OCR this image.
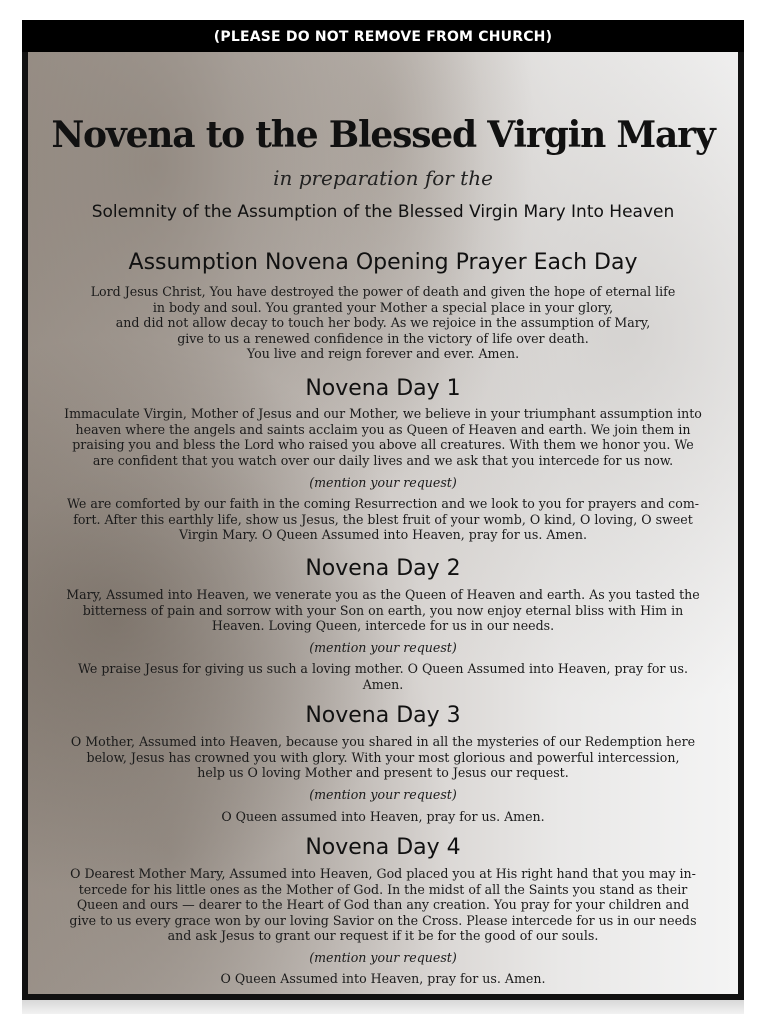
(PLEASE DO NOT REMOVE FROM CHURCH)
Novena to the Blessed Virgin Mary
in preparation for the
Solemnity of the Assumption of the Blessed Virgin Mary Into Heaven
Assumption Novena Opening Prayer Each Day
Lord Jesus Christ, You have destroyed the power of death and given the hope of eternal life
in body and soul. You granted your Mother a special place in your glory,
and did not allow decay to touch her body. As we rejoice in the assumption of Mary,
give to us a renewed confidence in the victory of life over death.
You live and reign forever and ever. Amen.
Novena Day 1
Immaculate Virgin, Mother of Jesus and our Mother, we believe in your triumphant assumption into
heaven where the angels and saints acclaim you as Queen of Heaven and earth. We join them in
praising you and bless the Lord who raised you above all creatures. With them we honor you. We
are confident that you watch over our daily lives and we ask that you intercede for us now.
(mention your request)
We are comforted by our faith in the coming Resurrection and we look to you for prayers and com-
fort. After this earthly life, show us Jesus, the blest fruit of your womb, O kind, O loving, O sweet
Virgin Mary. O Queen Assumed into Heaven, pray for us. Amen.
Novena Day 2
Mary, Assumed into Heaven, we venerate you as the Queen of Heaven and earth. As you tasted the
bitterness of pain and sorrow with your Son on earth, you now enjoy eternal bliss with Him in
Heaven. Loving Queen, intercede for us in our needs.
(mention your request)
We praise Jesus for giving us such a loving mother. O Queen Assumed into Heaven, pray for us.
Amen.
Novena Day 3
O Mother, Assumed into Heaven, because you shared in all the mysteries of our Redemption here
below, Jesus has crowned you with glory. With your most glorious and powerful intercession,
help us O loving Mother and present to Jesus our request.
(mention your request)
O Queen assumed into Heaven, pray for us. Amen.
Novena Day 4
O Dearest Mother Mary, Assumed into Heaven, God placed you at His right hand that you may in-
tercede for his little ones as the Mother of God. In the midst of all the Saints you stand as their
Queen and ours — dearer to the Heart of God than any creation. You pray for your children and
give to us every grace won by our loving Savior on the Cross. Please intercede for us in our needs
and ask Jesus to grant our request if it be for the good of our souls.
(mention your request)
O Queen Assumed into Heaven, pray for us. Amen.
